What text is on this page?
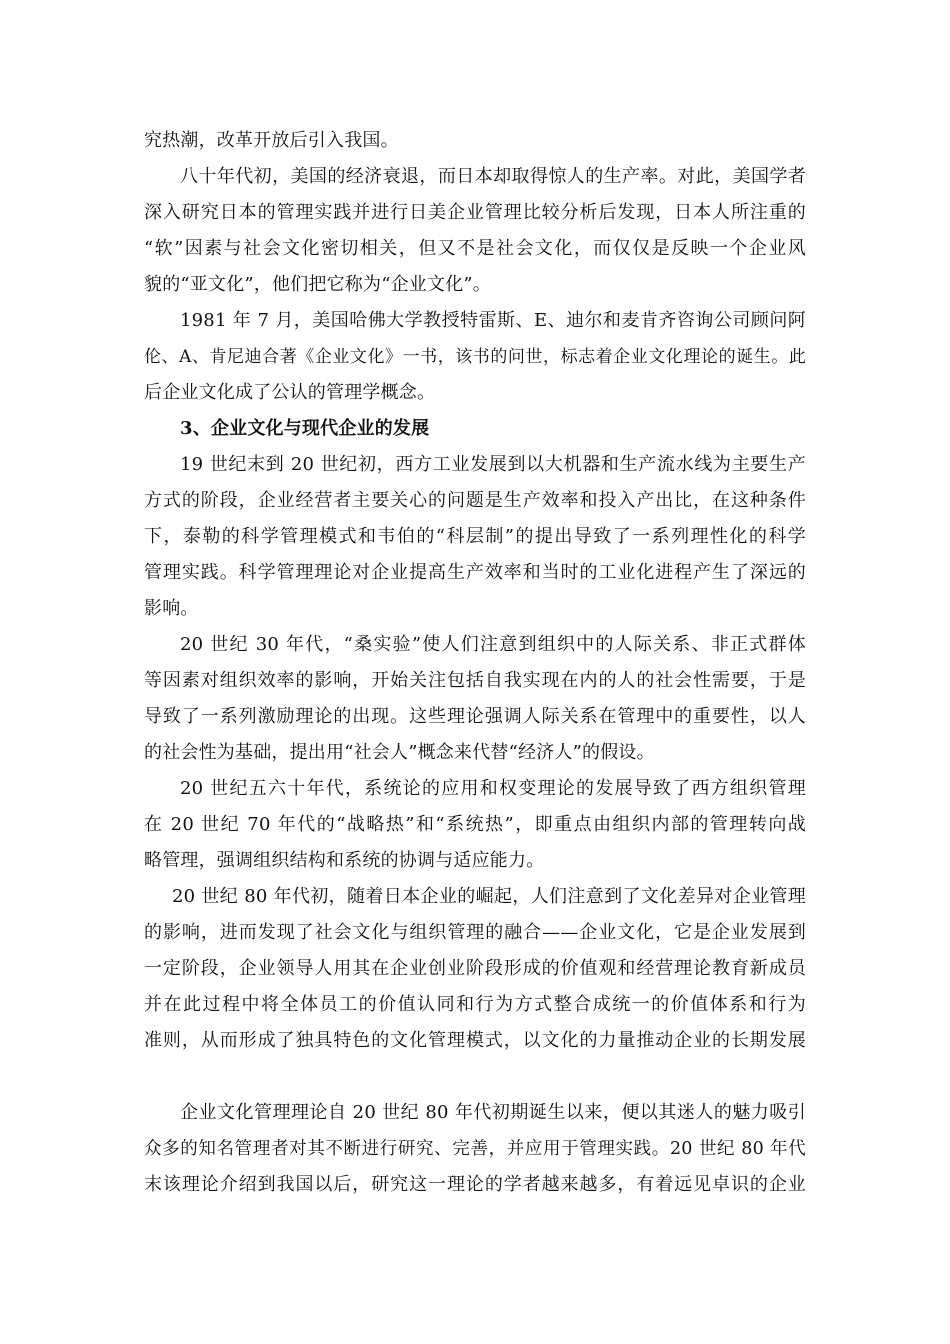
究热潮，改革开放后引入我国。
八十年代初，美国的经济衰退，而日本却取得惊人的生产率。对此，美国学者
深入研究日本的管理实践并进行日美企业管理比较分析后发现，日本人所注重的
“软”因素与社会文化密切相关，但又不是社会文化，而仅仅是反映一个企业风
貌的“亚文化”，他们把它称为“企业文化”。
1981 年 7 月，美国哈佛大学教授特雷斯、E、迪尔和麦肯齐咨询公司顾问阿
伦、A、肯尼迪合著《企业文化》一书，该书的问世，标志着企业文化理论的诞生。此
后企业文化成了公认的管理学概念。
3、企业文化与现代企业的发展
19 世纪末到 20 世纪初，西方工业发展到以大机器和生产流水线为主要生产
方式的阶段，企业经营者主要关心的问题是生产效率和投入产出比，在这种条件
下，泰勒的科学管理模式和韦伯的“科层制”的提出导致了一系列理性化的科学
管理实践。科学管理理论对企业提高生产效率和当时的工业化进程产生了深远的
影响。
20 世纪 30 年代，“桑实验”使人们注意到组织中的人际关系、非正式群体
等因素对组织效率的影响，开始关注包括自我实现在内的人的社会性需要，于是
导致了一系列激励理论的出现。这些理论强调人际关系在管理中的重要性，以人
的社会性为基础，提出用“社会人”概念来代替“经济人”的假设。
20 世纪五六十年代，系统论的应用和权变理论的发展导致了西方组织管理
在 20 世纪 70 年代的“战略热”和“系统热”，即重点由组织内部的管理转向战
略管理，强调组织结构和系统的协调与适应能力。
20 世纪 80 年代初，随着日本企业的崛起，人们注意到了文化差异对企业管理
的影响，进而发现了社会文化与组织管理的融合——企业文化，它是企业发展到
一定阶段，企业领导人用其在企业创业阶段形成的价值观和经营理论教育新成员
并在此过程中将全体员工的价值认同和行为方式整合成统一的价值体系和行为
准则，从而形成了独具特色的文化管理模式，以文化的力量推动企业的长期发展
企业文化管理理论自 20 世纪 80 年代初期诞生以来，便以其迷人的魅力吸引
众多的知名管理者对其不断进行研究、完善，并应用于管理实践。20 世纪 80 年代
末该理论介绍到我国以后，研究这一理论的学者越来越多，有着远见卓识的企业
